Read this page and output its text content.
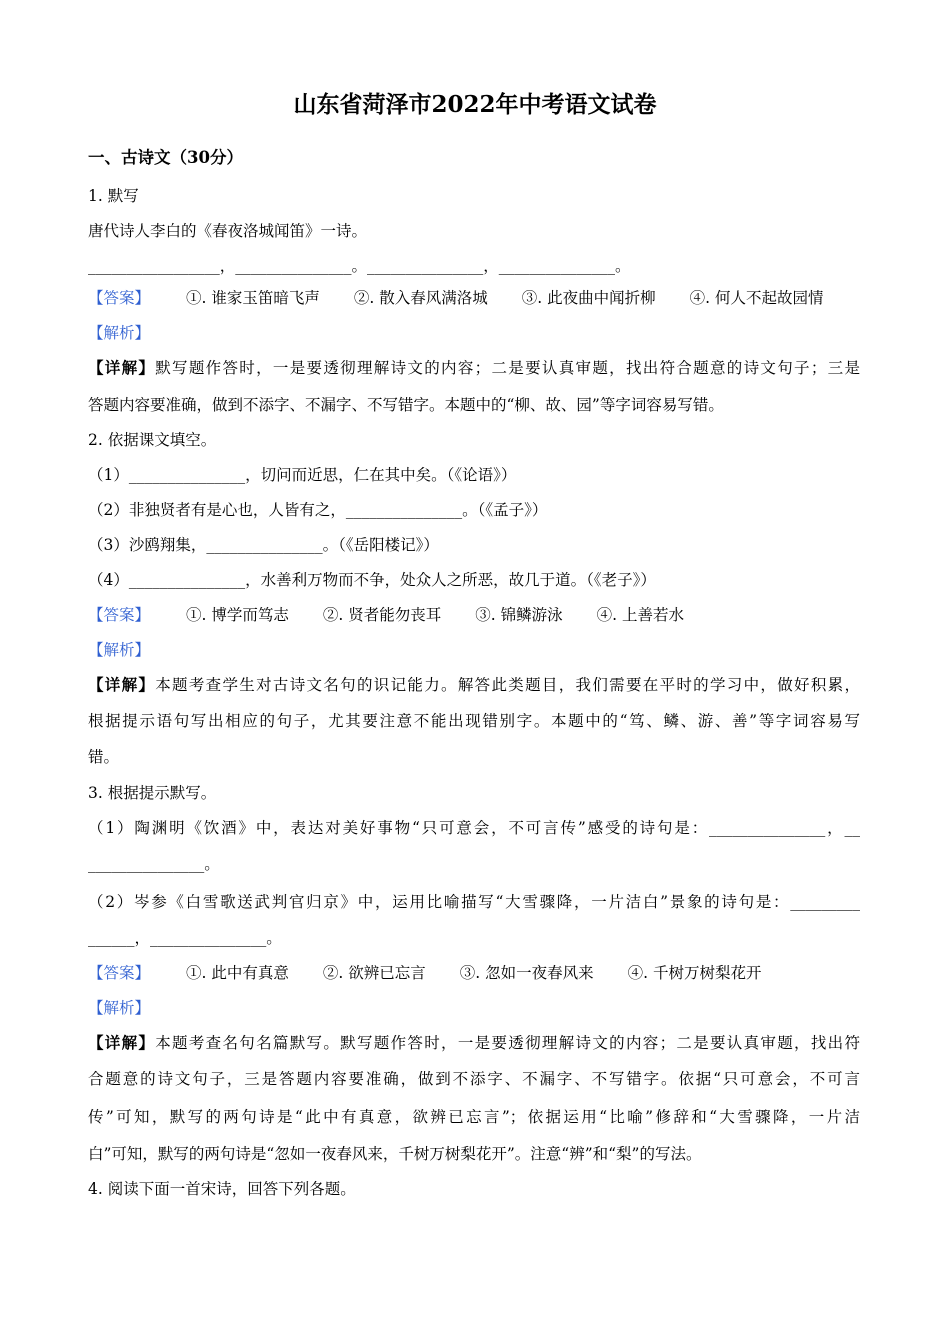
山东省菏泽市2022年中考语文试卷
一、古诗文（30分）
1. 默写
唐代诗人李白的《春夜洛城闻笛》一诗。
_________________，_______________。_______________，_______________。
【答案】 ①. 谁家玉笛暗飞声 ②. 散入春风满洛城 ③. 此夜曲中闻折柳 ④. 何人不起故园情
【解析】
【详解】默写题作答时，一是要透彻理解诗文的内容；二是要认真审题，找出符合题意的诗文句子；三是
答题内容要准确，做到不添字、不漏字、不写错字。本题中的“柳、故、园”等字词容易写错。
2. 依据课文填空。
（1）_______________，切问而近思，仁在其中矣。（《论语》）
（2）非独贤者有是心也，人皆有之，_______________。（《孟子》）
（3）沙鸥翔集，_______________。（《岳阳楼记》）
（4）_______________，水善利万物而不争，处众人之所恶，故几于道。（《老子》）
【答案】 ①. 博学而笃志 ②. 贤者能勿丧耳 ③. 锦鳞游泳 ④. 上善若水
【解析】
【详解】本题考查学生对古诗文名句的识记能力。解答此类题目，我们需要在平时的学习中，做好积累，
根据提示语句写出相应的句子，尤其要注意不能出现错别字。本题中的“笃、鳞、游、善”等字词容易写
错。
3. 根据提示默写。
（1）陶渊明《饮酒》中，表达对美好事物“只可意会，不可言传”感受的诗句是：_______________，__
_______________。
（2）岑参《白雪歌送武判官归京》中，运用比喻描写“大雪骤降，一片洁白”景象的诗句是：_________
______，_______________。
【答案】 ①. 此中有真意 ②. 欲辨已忘言 ③. 忽如一夜春风来 ④. 千树万树梨花开
【解析】
【详解】本题考查名句名篇默写。默写题作答时，一是要透彻理解诗文的内容；二是要认真审题，找出符
合题意的诗文句子，三是答题内容要准确，做到不添字、不漏字、不写错字。依据“只可意会，不可言
传”可知，默写的两句诗是“此中有真意，欲辨已忘言”；依据运用“比喻”修辞和“大雪骤降，一片洁
白”可知，默写的两句诗是“忽如一夜春风来，千树万树梨花开”。注意“辨”和“梨”的写法。
4. 阅读下面一首宋诗，回答下列各题。
